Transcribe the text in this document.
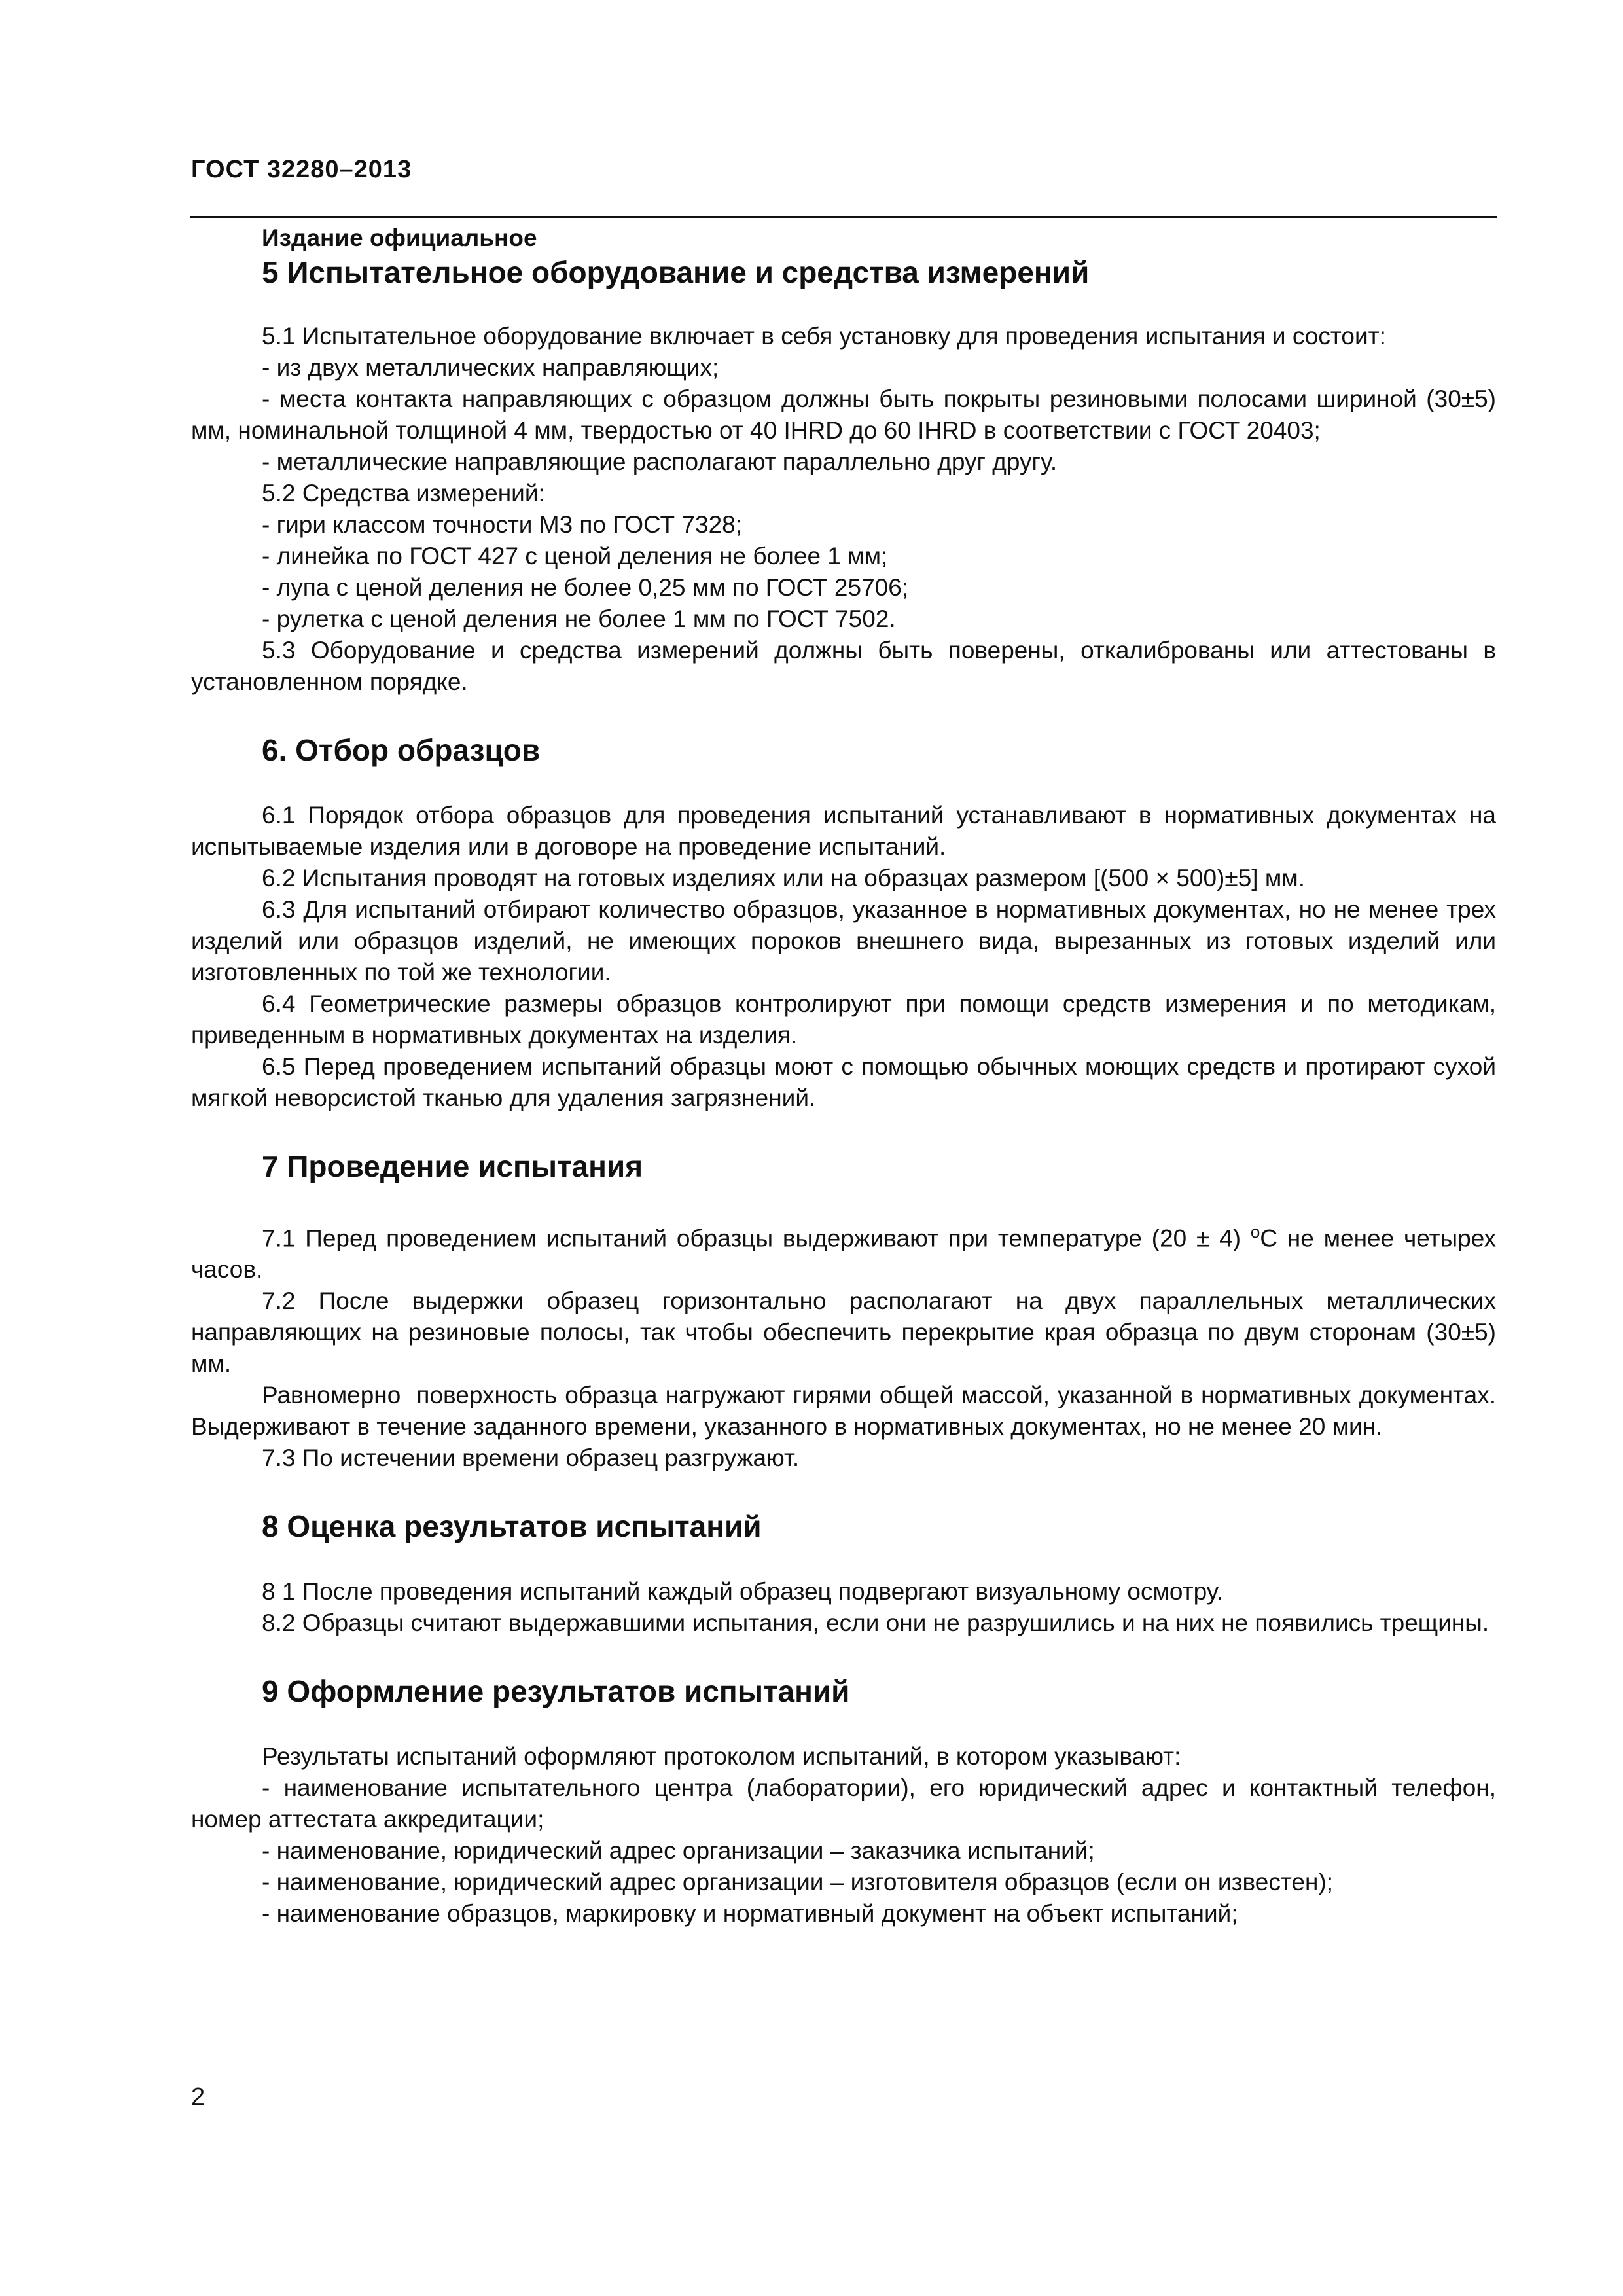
ГОСТ 32280–2013
Издание официальное
5 Испытательное оборудование и средства измерений

5.1 Испытательное оборудование включает в себя установку для проведения испытания и состоит:

- из двух металлических направляющих;

- места контакта направляющих с образцом должны быть покрыты резиновыми полосами шириной (30±5) мм, номинальной толщиной 4 мм, твердостью от 40 IHRD до 60 IHRD в соответствии с ГОСТ 20403;

- металлические направляющие располагают параллельно друг другу.

5.2 Средства измерений:

- гири классом точности М3 по ГОСТ 7328;

- линейка по ГОСТ 427 с ценой деления не более 1 мм;

- лупа с ценой деления не более 0,25 мм по ГОСТ 25706;

- рулетка с ценой деления не более 1 мм по ГОСТ 7502.

5.3 Оборудование и средства измерений должны быть поверены, откалиброваны или аттестованы в установленном порядке.

6. Отбор образцов

6.1 Порядок отбора образцов для проведения испытаний устанавливают в нормативных документах на испытываемые изделия или в договоре на проведение испытаний.

6.2 Испытания проводят на готовых изделиях или на образцах размером [(500 × 500)±5] мм.

6.3 Для испытаний отбирают количество образцов, указанное в нормативных документах, но не менее трех изделий или образцов изделий, не имеющих пороков внешнего вида, вырезанных из готовых изделий или изготовленных по той же технологии.

6.4 Геометрические размеры образцов контролируют при помощи средств измерения и по методикам, приведенным в нормативных документах на изделия.

6.5 Перед проведением испытаний образцы моют с помощью обычных моющих средств и протирают сухой мягкой неворсистой тканью для удаления загрязнений.

7 Проведение испытания

7.1 Перед проведением испытаний образцы выдерживают при температуре (20 ± 4) $^о$С не менее четырех часов.

7.2 После выдержки образец горизонтально располагают на двух параллельных металлических направляющих на резиновые полосы, так чтобы обеспечить перекрытие края образца по двум сторонам (30±5) мм.

Равномерно  поверхность образца нагружают гирями общей массой, указанной в нормативных документах. Выдерживают в течение заданного времени, указанного в нормативных документах, но не менее 20 мин.

7.3 По истечении времени образец разгружают.

8 Оценка результатов испытаний

8 1 После проведения испытаний каждый образец подвергают визуальному осмотру.

8.2 Образцы считают выдержавшими испытания, если они не разрушились и на них не появились трещины.

9 Оформление результатов испытаний

Результаты испытаний оформляют протоколом испытаний, в котором указывают:

- наименование испытательного центра (лаборатории), его юридический адрес и контактный телефон, номер аттестата аккредитации;

- наименование, юридический адрес организации – заказчика испытаний;

- наименование, юридический адрес организации – изготовителя образцов (если он известен);

- наименование образцов, маркировку и нормативный документ на объект испытаний;

2
